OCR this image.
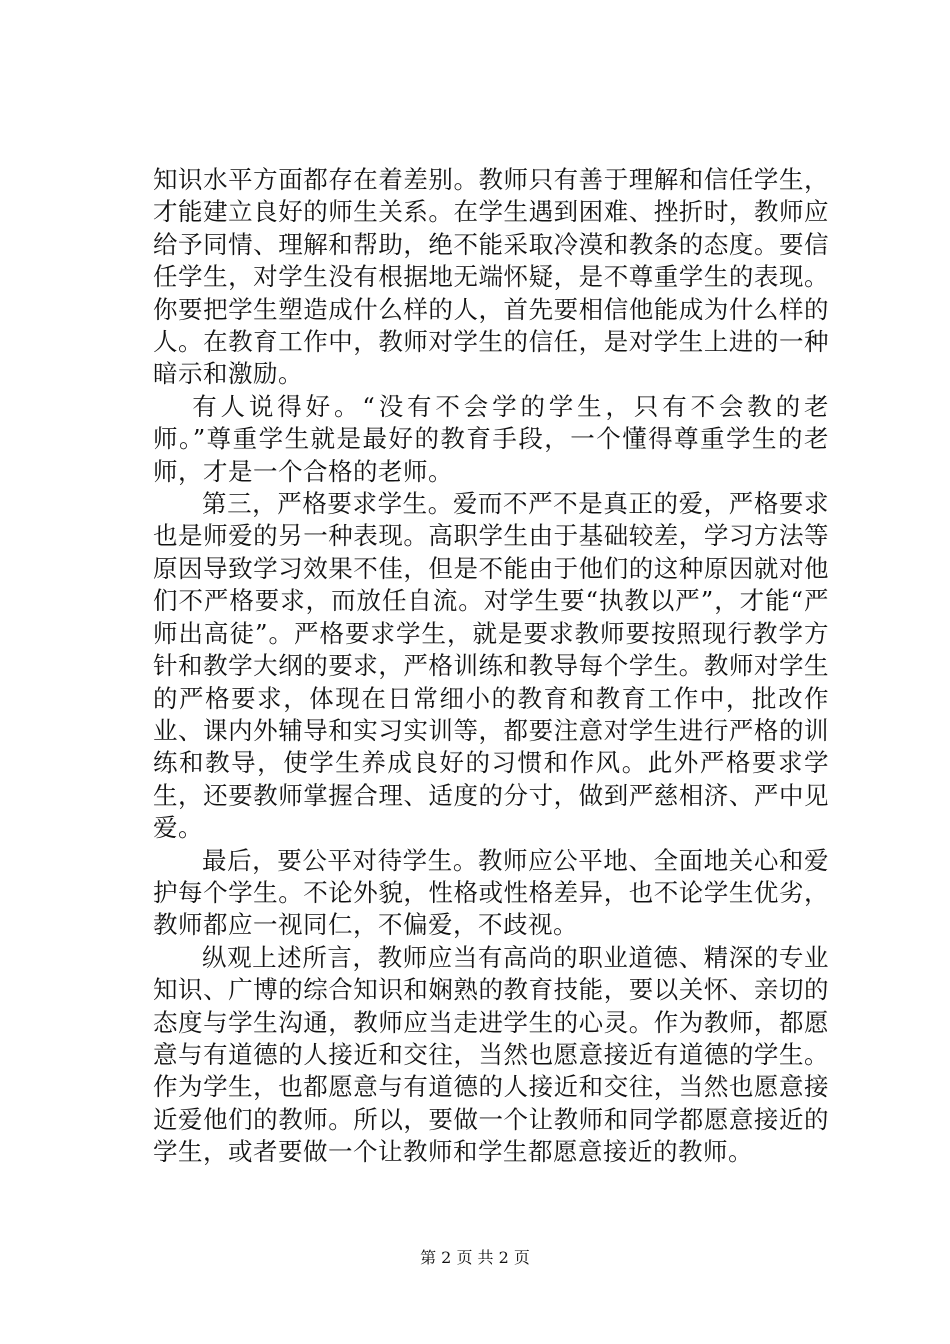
知识水平方面都存在着差别。教师只有善于理解和信任学生，才能建立良好的师生关系。在学生遇到困难、挫折时，教师应给予同情、理解和帮助，绝不能采取冷漠和教条的态度。要信任学生，对学生没有根据地无端怀疑，是不尊重学生的表现。你要把学生塑造成什么样的人，首先要相信他能成为什么样的人。在教育工作中，教师对学生的信任，是对学生上进的一种暗示和激励。

有人说得好。“没有不会学的学生，只有不会教的老师。”尊重学生就是最好的教育手段，一个懂得尊重学生的老师，才是一个合格的老师。

第三，严格要求学生。爱而不严不是真正的爱，严格要求也是师爱的另一种表现。高职学生由于基础较差，学习方法等原因导致学习效果不佳，但是不能由于他们的这种原因就对他们不严格要求，而放任自流。对学生要“执教以严”，才能“严师出高徒”。严格要求学生，就是要求教师要按照现行教学方针和教学大纲的要求，严格训练和教导每个学生。教师对学生的严格要求，体现在日常细小的教育和教育工作中，批改作业、课内外辅导和实习实训等，都要注意对学生进行严格的训练和教导，使学生养成良好的习惯和作风。此外严格要求学生，还要教师掌握合理、适度的分寸，做到严慈相济、严中见爱。

最后，要公平对待学生。教师应公平地、全面地关心和爱护每个学生。不论外貌，性格或性格差异，也不论学生优劣，教师都应一视同仁，不偏爱，不歧视。

纵观上述所言，教师应当有高尚的职业道德、精深的专业知识、广博的综合知识和娴熟的教育技能，要以关怀、亲切的态度与学生沟通，教师应当走进学生的心灵。作为教师，都愿意与有道德的人接近和交往，当然也愿意接近有道德的学生。作为学生，也都愿意与有道德的人接近和交往，当然也愿意接近爱他们的教师。所以，要做一个让教师和同学都愿意接近的学生，或者要做一个让教师和学生都愿意接近的教师。

第 2 页 共 2 页
